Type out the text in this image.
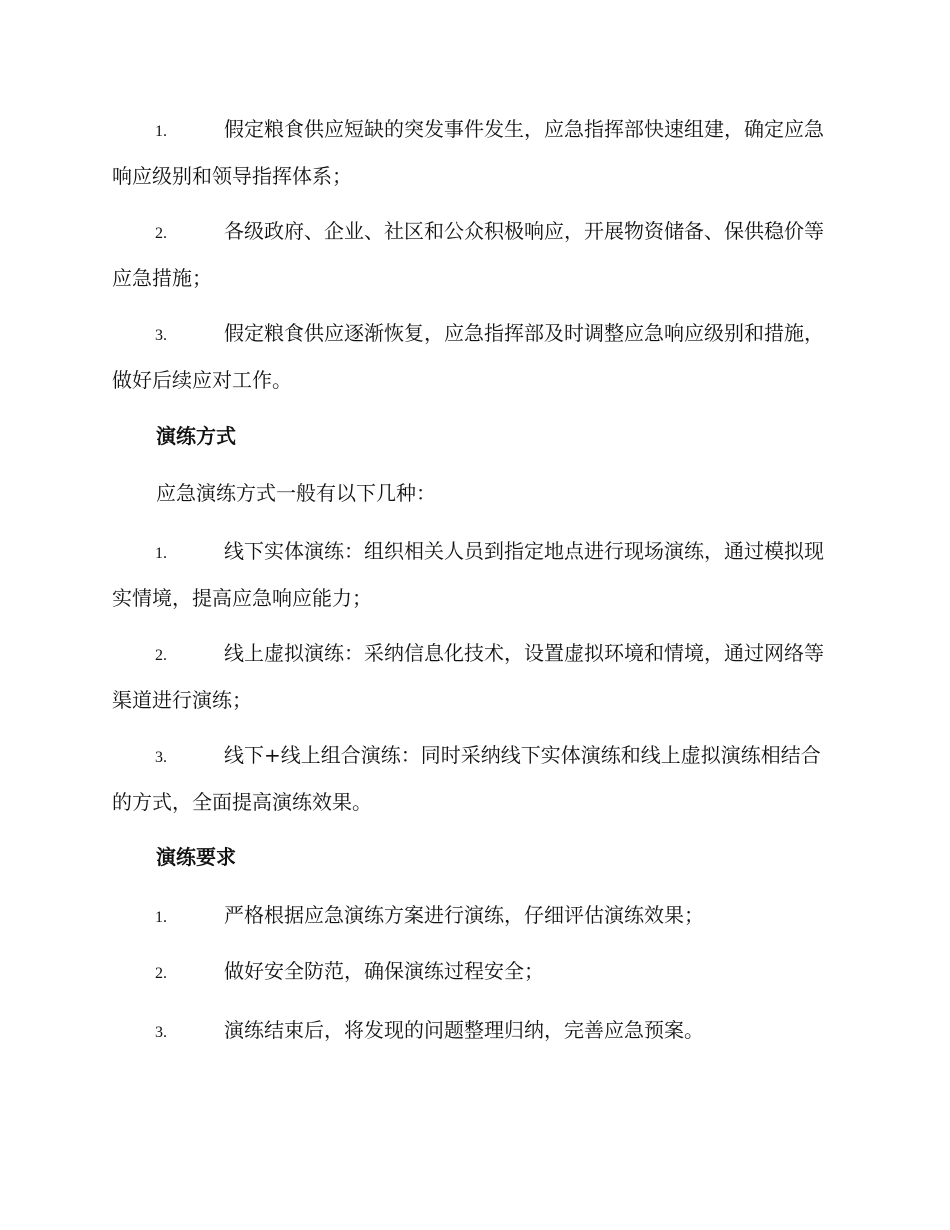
1.	假定粮食供应短缺的突发事件发生，应急指挥部快速组建，确定应急响应级别和领导指挥体系；
2.	各级政府、企业、社区和公众积极响应，开展物资储备、保供稳价等应急措施；
3.	假定粮食供应逐渐恢复，应急指挥部及时调整应急响应级别和措施，做好后续应对工作。
演练方式
应急演练方式一般有以下几种：
1.	线下实体演练：组织相关人员到指定地点进行现场演练，通过模拟现实情境，提高应急响应能力；
2.	线上虚拟演练：采纳信息化技术，设置虚拟环境和情境，通过网络等渠道进行演练；
3.	线下+线上组合演练：同时采纳线下实体演练和线上虚拟演练相结合的方式，全面提高演练效果。
演练要求
1.	严格根据应急演练方案进行演练，仔细评估演练效果；
2.	做好安全防范，确保演练过程安全；
3.	演练结束后，将发现的问题整理归纳，完善应急预案。
